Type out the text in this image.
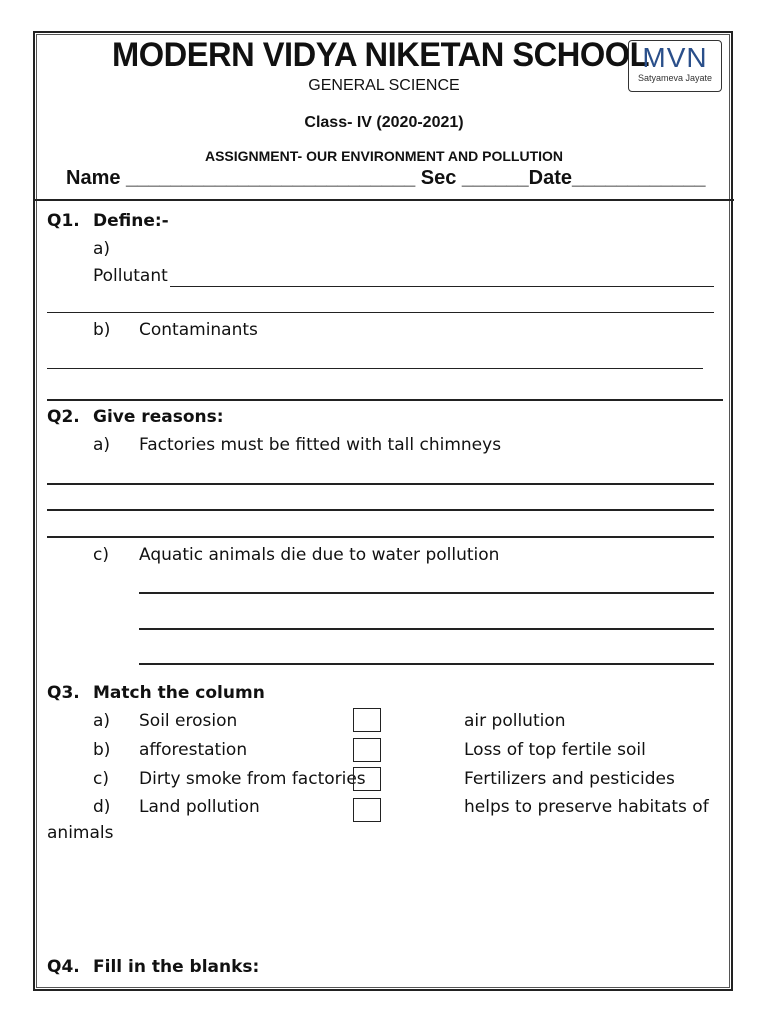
MODERN VIDYA NIKETAN SCHOOL
MVN
Satyameva Jayate
GENERAL SCIENCE
Class- IV (2020-2021)
ASSIGNMENT- OUR ENVIRONMENT AND POLLUTION
Name __________________________ Sec ______Date____________
Q1. Define:-
a)
Pollutant
b) Contaminants
Q2. Give reasons:
a) Factories must be fitted with tall chimneys
c) Aquatic animals die due to water pollution
Q3. Match the column
a) Soil erosion	air pollution
b) afforestation	Loss of top fertile soil
c) Dirty smoke from factories	Fertilizers and pesticides
d) Land pollution	helps to preserve habitats of
animals
Q4. Fill in the blanks:
